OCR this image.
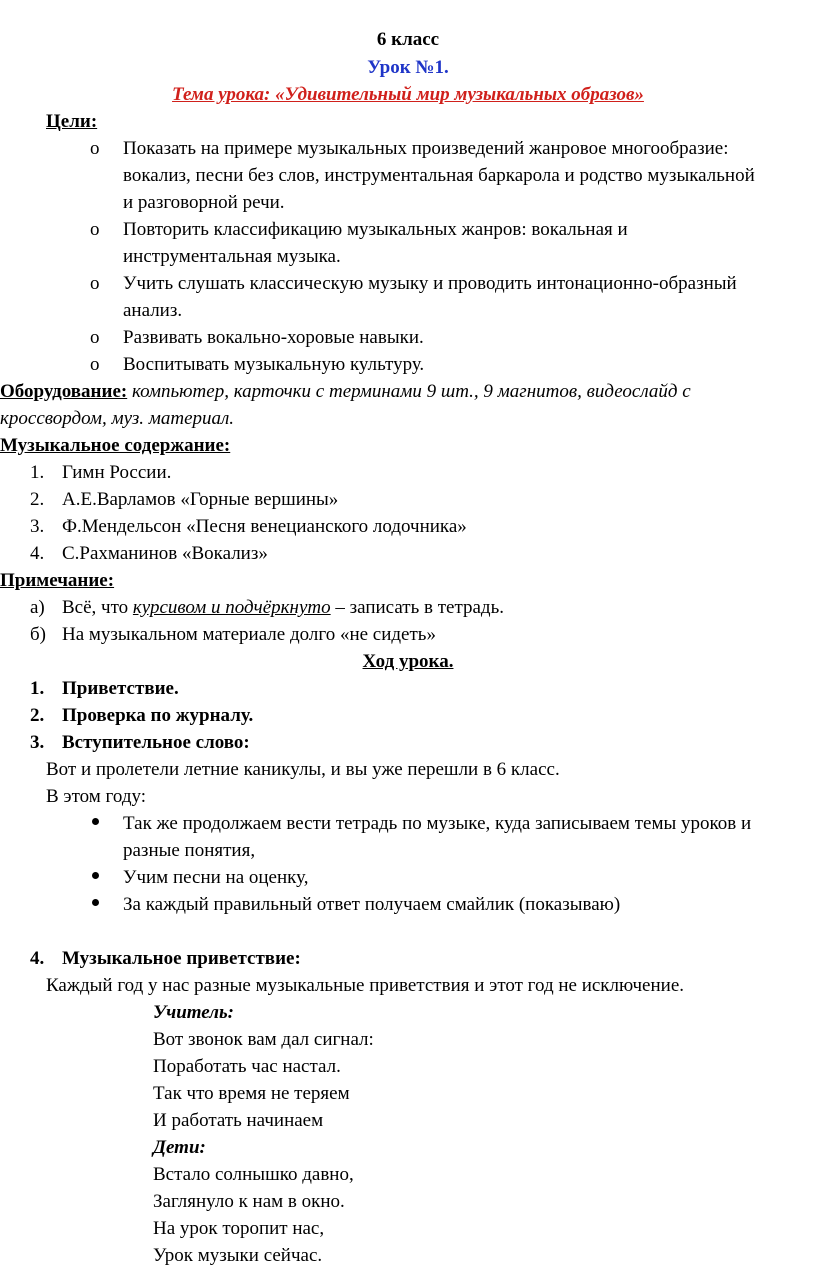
6 класс
Урок №1.
Тема урока: «Удивительный мир музыкальных образов»
Цели:
o Показать на примере музыкальных произведений жанровое многообразие:
вокализ, песни без слов, инструментальная баркарола и родство музыкальной
и разговорной речи.
o Повторить классификацию музыкальных жанров: вокальная и
инструментальная музыка.
o Учить слушать классическую музыку и проводить интонационно-образный
анализ.
o Развивать вокально-хоровые навыки.
o Воспитывать музыкальную культуру.
Оборудование: компьютер, карточки с терминами 9 шт., 9 магнитов, видеослайд с
кроссвордом, муз. материал.
Музыкальное содержание:
1. Гимн России.
2. А.Е.Варламов «Горные вершины»
3. Ф.Мендельсон «Песня венецианского лодочника»
4. С.Рахманинов «Вокализ»
Примечание:
а) Всё, что курсивом и подчёркнуто – записать в тетрадь.
б) На музыкальном материале долго «не сидеть»
Ход урока.
1. Приветствие.
2. Проверка по журналу.
3. Вступительное слово:
Вот и пролетели летние каникулы, и вы уже перешли в 6 класс.
В этом году:
Так же продолжаем вести тетрадь по музыке, куда записываем темы уроков и
разные понятия,
Учим песни на оценку,
За каждый правильный ответ получаем смайлик (показываю)
4. Музыкальное приветствие:
Каждый год у нас разные музыкальные приветствия и этот год не исключение.
Учитель:
Вот звонок вам дал сигнал:
Поработать час настал.
Так что время не теряем
И работать начинаем
Дети:
Встало солнышко давно,
Заглянуло к нам в окно.
На урок торопит нас,
Урок музыки сейчас.
